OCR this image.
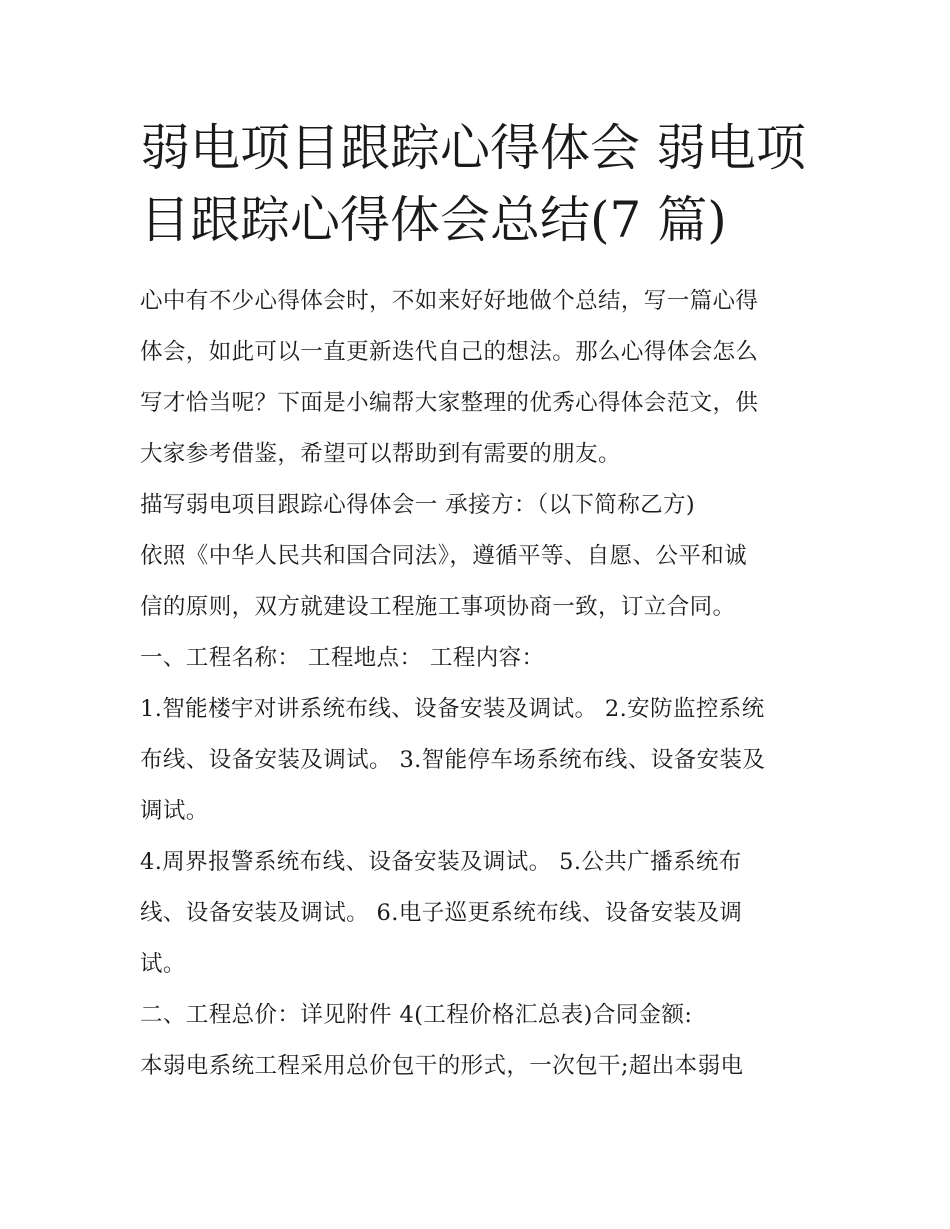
弱电项目跟踪心得体会 弱电项
目跟踪心得体会总结(7 篇)
心中有不少心得体会时，不如来好好地做个总结，写一篇心得
体会，如此可以一直更新迭代自己的想法。那么心得体会怎么
写才恰当呢？下面是小编帮大家整理的优秀心得体会范文，供
大家参考借鉴，希望可以帮助到有需要的朋友。
描写弱电项目跟踪心得体会一 承接方：（以下简称乙方)
依照《中华人民共和国合同法》，遵循平等、自愿、公平和诚
信的原则，双方就建设工程施工事项协商一致，订立合同。
一、工程名称： 工程地点： 工程内容：
1.智能楼宇对讲系统布线、设备安装及调试。 2.安防监控系统
布线、设备安装及调试。 3.智能停车场系统布线、设备安装及
调试。
4.周界报警系统布线、设备安装及调试。 5.公共广播系统布
线、设备安装及调试。 6.电子巡更系统布线、设备安装及调
试。
二、工程总价：详见附件 4(工程价格汇总表)合同金额:
本弱电系统工程采用总价包干的形式，一次包干;超出本弱电
